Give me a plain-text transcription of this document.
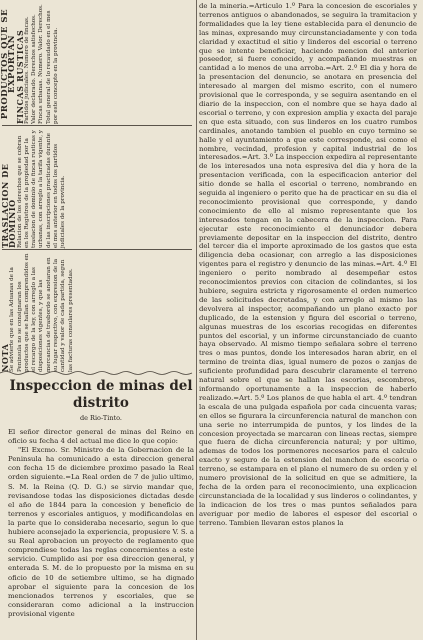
NOTA Se advierte que en las Aduanas de la Peninsula no se consignaran los productos que se hallan comprendidos en el recargo de la ley, con arreglo a las disposiciones vigentes, y que las mercancias de trasbordo se anotaran en su lugar respectivo, con expresion de la cantidad y valor de cada partida, segun las facturas consulares presentadas.

TRASLACION DE DOMINIO Relacion de los derechos que se cobran en los Registros de la propiedad por la traslacion de dominio de fincas rusticas y urbanas, con arreglo a la tarifa vigente, y de las inscripciones practicadas durante el mes anterior en todos los partidos judiciales de la provincia.

PRODUCTOS QUE SE EXPORTAN

FINCAS RUSTICAS Partidos judiciales. Numero de fincas. Valor declarado. Derechos satisfechos. Fincas urbanas. Numero. Valor. Derechos. Total general de lo recaudado en el mes por este concepto en la provincia.

Inspeccion de minas del distrito

de Rio-Tinto.

El señor director general de minas del Reino en oficio su fecha 4 del actual me dice lo que copio:

"El Excmo. Sr. Ministro de la Gobernacion de la Peninsula ha comunicado a esta direccion general con fecha 15 de diciembre proximo pasado la Real orden siguiente.=La Real orden de 7 de julio ultimo, S. M. la Reina (Q. D. G.) se sirvio mandar que, revisandose todas las disposiciones dictadas desde el año de 1844 para la concesion y beneficio de terrenos y escoriales antiguos, y modificandolas en la parte que lo consideraba necesario, segun lo que hubiere aconsejado la experiencia, propusiere V. S. a su Real aprobacion un proyecto de reglamento que comprendiese todas las reglas concernientes a este servicio. Cumplido asi por esa direccion general, y enterada S. M. de lo propuesto por la misma en su oficio de 10 de setiembre ultimo, se ha dignado aprobar el siguiente para la concesion de los mencionados terrenos y escoriales, que se consideraran como adicional a la instruccion provisional vigente

de la mineria.=Articulo 1.º Para la concesion de escoriales y terrenos antiguos o abandonados, se seguira la tramitacion y formalidades que la ley tiene establecida para el denuncio de las minas, expresando muy circunstanciadamente y con toda claridad y exactitud el sitio y linderos del escorial o terreno que se intente beneficiar, haciendo mencion del anterior poseedor, si fuere conocido, y acompañando muestras en cantidad a lo menos de una arroba.=Art. 2.º El dia y hora de la presentacion del denuncio, se anotara en presencia del interesado al margen del mismo escrito, con el numero provisional que le corresponda, y se seguira asentando en el diario de la inspeccion, con el nombre que se haya dado al escorial o terreno, y con expresion amplia y exacta del paraje en que esta situado, con sus linderos en los cuatro rumbos cardinales, anotando tambien el pueblo en cuyo termino se halle y el ayuntamiento a que este corresponde, asi como el nombre, vecindad, profesion y capital industrial de los interesados.=Art. 3.º La inspeccion expedira al representante de los interesados una nota espresiva del dia y hora de la presentacion verificada, con la especificacion anterior del sitio donde se halla el escorial o terreno, nombrando en seguida al ingeniero o perito que ha de practicar en su dia el reconocimiento provisional que corresponde, y dando conocimiento de ello al mismo representante que los interesados tengan en la cabecera de la inspeccion. Para ejecutar este reconocimiento el denunciador debera previamente depositar en la inspeccion del distrito, dentro del tercer dia el importe aproximado de los gastos que esta diligencia deba ocasionar, con arreglo a las disposiciones vigentes para el registro y denuncio de las minas.=Art. 4.º El ingeniero o perito nombrado al desempeñar estos reconocimientos previos con citacion de colindantes, si los hubiere, seguira estricta y rigorosamente el orden numerico de las solicitudes decretadas, y con arreglo al mismo las devolvera al inspector, acompañando un plano exacto por duplicado, de la estension y figura del escorial o terreno, algunas muestras de los escorias recogidas en diferentes puntos del escorial, y un informe circunstanciado de cuanto haya observado. Al mismo tiempo señalara sobre el terreno tres o mas puntos, donde los interesados haran abrir, en el termino de treinta dias, igual numero de pozos o zanjas de suficiente profundidad para descubrir claramente el terreno natural sobre el que se hallan las escorias, escombros, informando oportunamente a la inspeccion de haberlo realizado.=Art. 5.º Los planos de que habla el art. 4.º tendran la escala de una pulgada española por cada cincuenta varas; en ellos se figurara la circunferencia natural de manchon con una serie no interrumpida de puntos, y los lindes de la concesion proyectada se marcaran con lineas rectas, siempre que fuera de dicha circunferencia natural; y por ultimo, ademas de todos los pormenores necesarios para el calculo exacto y seguro de la estension del manchon de escoria o terreno, se estampara en el plano el numero de su orden y el numero provisional de la solicitud en que se admitiere, la fecha de la orden para el reconocimiento, una explicacion circunstanciada de la localidad y sus linderos o colindantes, y la indicacion de los tres o mas puntos señalados para averiguar por medio de labores el espesor del escorial o terreno. Tambien llevaran estos planos la
